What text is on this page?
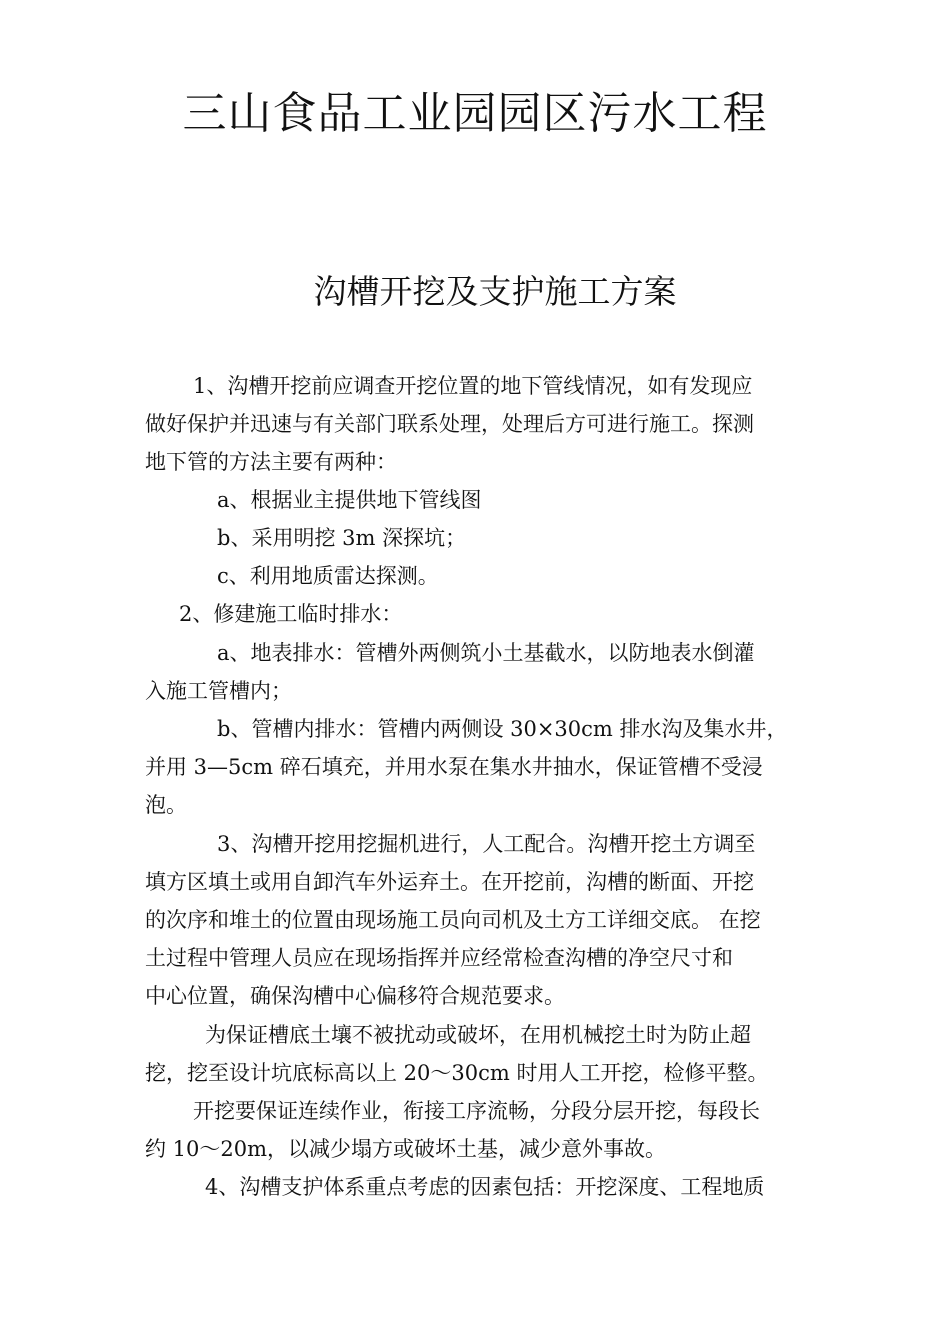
三山食品工业园园区污水工程
沟槽开挖及支护施工方案
1、沟槽开挖前应调查开挖位置的地下管线情况，如有发现应
做好保护并迅速与有关部门联系处理，处理后方可进行施工。探测
地下管的方法主要有两种：
a、根据业主提供地下管线图
b、采用明挖 3m 深探坑；
c、利用地质雷达探测。
2、修建施工临时排水：
a、地表排水：管槽外两侧筑小土基截水，以防地表水倒灌
入施工管槽内；
b、管槽内排水：管槽内两侧设 30×30cm 排水沟及集水井，
并用 3—5cm 碎石填充，并用水泵在集水井抽水，保证管槽不受浸
泡。
3、沟槽开挖用挖掘机进行，人工配合。沟槽开挖土方调至
填方区填土或用自卸汽车外运弃土。在开挖前，沟槽的断面、开挖
的次序和堆土的位置由现场施工员向司机及土方工详细交底。 在挖
土过程中管理人员应在现场指挥并应经常检查沟槽的净空尺寸和
中心位置，确保沟槽中心偏移符合规范要求。
为保证槽底土壤不被扰动或破坏，在用机械挖土时为防止超
挖，挖至设计坑底标高以上 20～30cm 时用人工开挖，检修平整。
开挖要保证连续作业，衔接工序流畅，分段分层开挖，每段长
约 10～20m，以减少塌方或破坏土基，减少意外事故。
4、沟槽支护体系重点考虑的因素包括：开挖深度、工程地质
